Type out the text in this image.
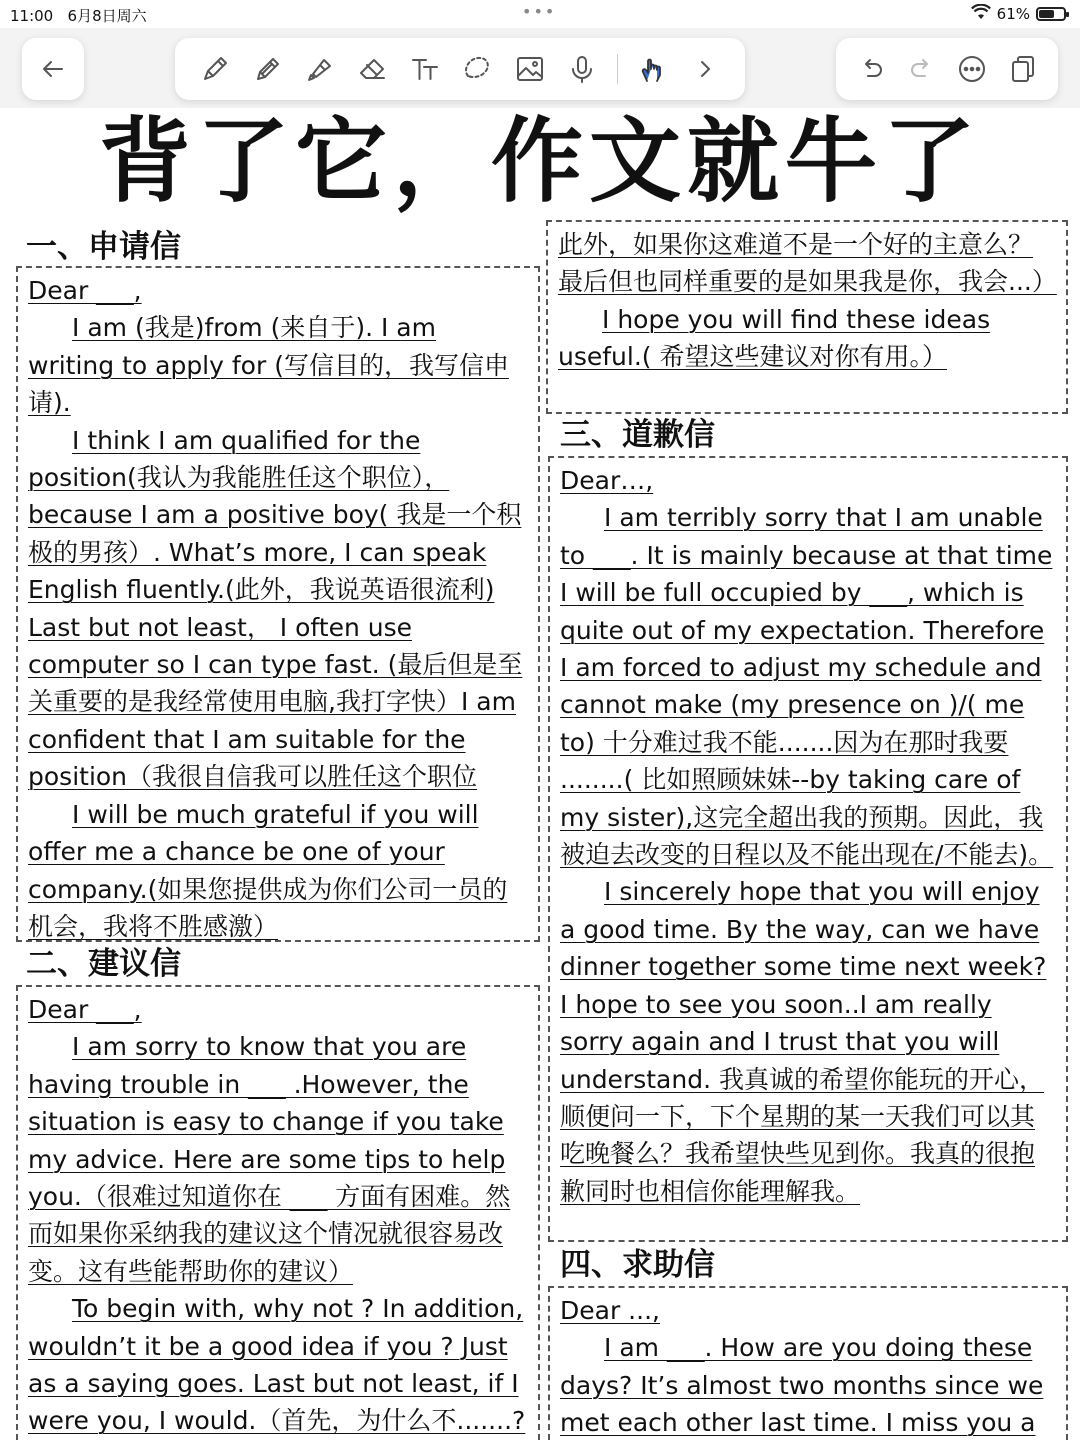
11:00 6月8日周六	•••	61%
背了它，作文就牛了
一、申请信

Dear ___,

I am (我是)from (来自于). I am writing to apply for (写信目的，我写信申请).

I think I am qualified for the position(我认为我能胜任这个职位），because I am a positive boy( 我是一个积极的男孩）. What’s more, I can speak English fluently.(此外，我说英语很流利) Last but not least， I often use computer so I can type fast. (最后但是至关重要的是我经常使用电脑,我打字快）I am confident that I am suitable for the position（我很自信我可以胜任这个职位

I will be much grateful if you will offer me a chance be one of your company.(如果您提供成为你们公司一员的机会，我将不胜感激）

二、建议信

Dear ___,

I am sorry to know that you are having trouble in ___ .However, the situation is easy to change if you take my advice. Here are some tips to help you.（很难过知道你在 ___ 方面有困难。然而如果你采纳我的建议这个情况就很容易改变。这有些能帮助你的建议）

To begin with, why not ? In addition, wouldn’t it be a good idea if you ? Just as a saying goes. Last but not least, if I were you, I would.（首先，为什么不.......?

此外，如果你这难道不是一个好的主意么？最后但也同样重要的是如果我是你，我会...）

I hope you will find these ideas useful.( 希望这些建议对你有用。）

三、道歉信

Dear…,

I am terribly sorry that I am unable to ___. It is mainly because at that time I will be full occupied by ___, which is quite out of my expectation. Therefore I am forced to adjust my schedule and cannot make (my presence on )/( me to) 十分难过我不能.......因为在那时我要 ........( 比如照顾妹妹--by taking care of my sister),这完全超出我的预期。因此，我被迫去改变的日程以及不能出现在/不能去)。

I sincerely hope that you will enjoy a good time. By the way, can we have dinner together some time next week? I hope to see you soon..I am really sorry again and I trust that you will understand. 我真诚的希望你能玩的开心，顺便问一下，下个星期的某一天我们可以其吃晚餐么？我希望快些见到你。我真的很抱歉同时也相信你能理解我。

四、求助信

Dear ...,

I am ___. How are you doing these days? It’s almost two months since we met each other last time. I miss you a
